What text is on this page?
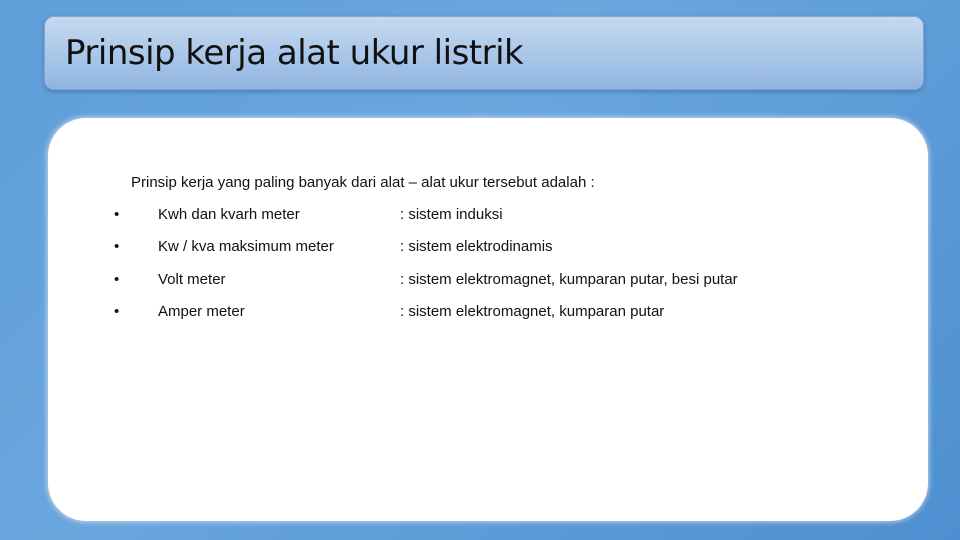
Prinsip kerja alat ukur listrik
Prinsip kerja yang paling banyak dari alat – alat ukur tersebut adalah :
•	Kwh dan kvarh meter	: sistem induksi
•	Kw / kva maksimum meter	: sistem elektrodinamis
•	Volt meter	: sistem elektromagnet, kumparan putar, besi putar
•	Amper meter	: sistem elektromagnet, kumparan putar
